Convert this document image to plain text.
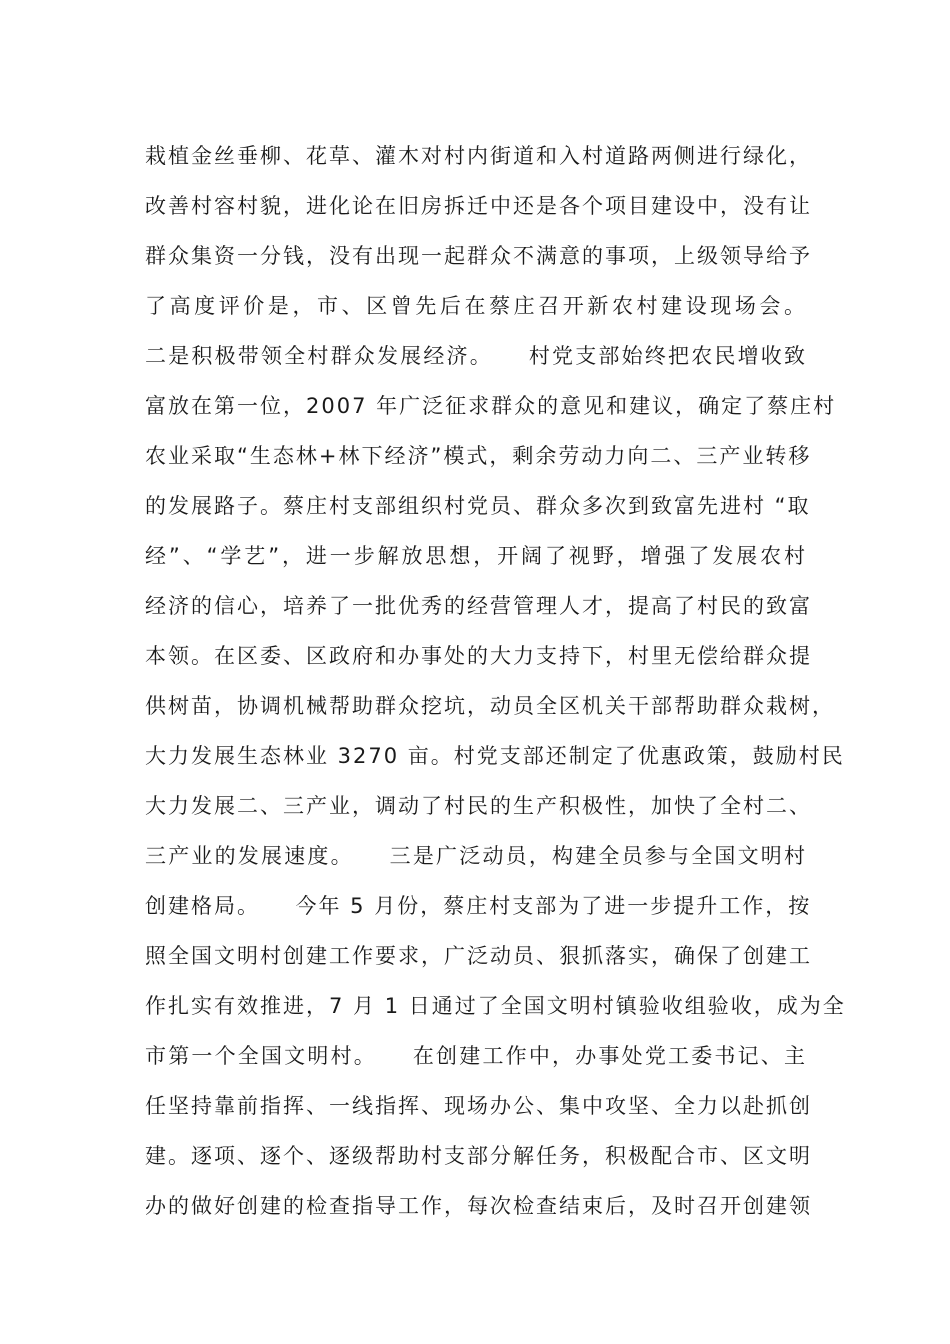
栽植金丝垂柳、花草、灌木对村内街道和入村道路两侧进行绿化，
改善村容村貌，进化论在旧房拆迁中还是各个项目建设中，没有让
群众集资一分钱，没有出现一起群众不满意的事项，上级领导给予
了高度评价是，市、区曾先后在蔡庄召开新农村建设现场会。
二是积极带领全村群众发展经济。　　村党支部始终把农民增收致
富放在第一位，2007 年广泛征求群众的意见和建议，确定了蔡庄村
农业采取“生态林+林下经济”模式，剩余劳动力向二、三产业转移
的发展路子。蔡庄村支部组织村党员、群众多次到致富先进村 “取
经”、“学艺”，进一步解放思想，开阔了视野，增强了发展农村
经济的信心，培养了一批优秀的经营管理人才，提高了村民的致富
本领。在区委、区政府和办事处的大力支持下，村里无偿给群众提
供树苗，协调机械帮助群众挖坑，动员全区机关干部帮助群众栽树，
大力发展生态林业 3270 亩。村党支部还制定了优惠政策，鼓励村民
大力发展二、三产业，调动了村民的生产积极性，加快了全村二、
三产业的发展速度。　　三是广泛动员，构建全员参与全国文明村
创建格局。　　今年 5 月份，蔡庄村支部为了进一步提升工作，按
照全国文明村创建工作要求，广泛动员、狠抓落实，确保了创建工
作扎实有效推进，7 月 1 日通过了全国文明村镇验收组验收，成为全
市第一个全国文明村。　　在创建工作中，办事处党工委书记、主
任坚持靠前指挥、一线指挥、现场办公、集中攻坚、全力以赴抓创
建。逐项、逐个、逐级帮助村支部分解任务，积极配合市、区文明
办的做好创建的检查指导工作，每次检查结束后，及时召开创建领
